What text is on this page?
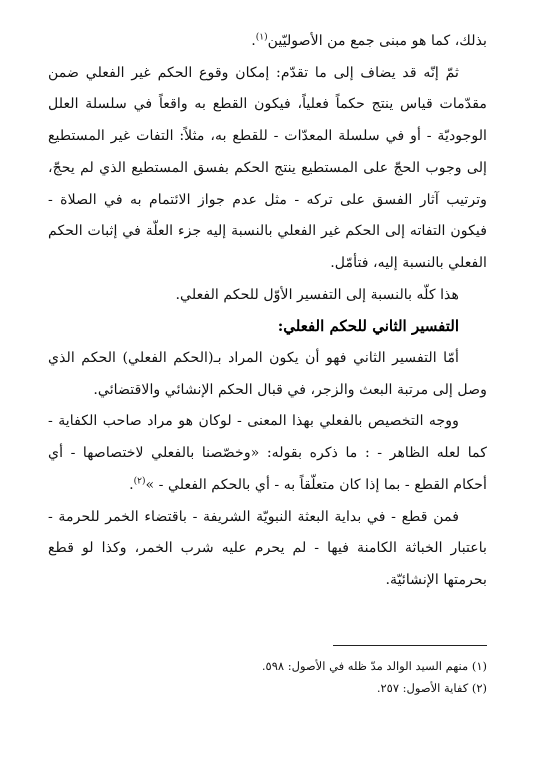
بذلك، كما هو مبنى جمع من الأصوليّين$^{(١)}$.

ثمّ إنّه قد يضاف إلى ما تقدّم: إمكان وقوع الحكم غير الفعلي ضمن مقدّمات قياس ينتج حكماً فعلياً، فيكون القطع به واقعاً في سلسلة العلل الوجوديّة - أو في سلسلة المعدّات - للقطع به، مثلاً: التفات غير المستطيع إلى وجوب الحجّ على المستطيع ينتج الحكم بفسق المستطيع الذي لم يحجّ، وترتيب آثار الفسق على تركه - مثل عدم جواز الائتمام به في الصلاة - فيكون التفاته إلى الحكم غير الفعلي بالنسبة إليه جزء العلّة في إثبات الحكم الفعلي بالنسبة إليه، فتأمّل.

هذا كلّه بالنسبة إلى التفسير الأوّل للحكم الفعلي.

التفسير الثاني للحكم الفعلي:

أمّا التفسير الثاني فهو أن يكون المراد بـ(الحكم الفعلي) الحكم الذي وصل إلى مرتبة البعث والزجر، في قبال الحكم الإنشائي والاقتضائي.

ووجه التخصيص بالفعلي بهذا المعنى - لوكان هو مراد صاحب الكفاية - كما لعله الظاهر - : ما ذكره بقوله: «وخصّصنا بالفعلي لاختصاصها - أي أحكام القطع - بما إذا كان متعلّقاً به - أي بالحكم الفعلي - »$^{(٢)}$.

فمن قطع - في بداية البعثة النبويّة الشريفة - باقتضاء الخمر للحرمة - باعتبار الخباثة الكامنة فيها - لم يحرم عليه شرب الخمر، وكذا لو قطع بحرمتها الإنشائيّة.

(١) منهم السيد الوالد مدّ ظله في الأصول: ٥٩٨.

(٢) كفاية الأصول: ٢٥٧.
